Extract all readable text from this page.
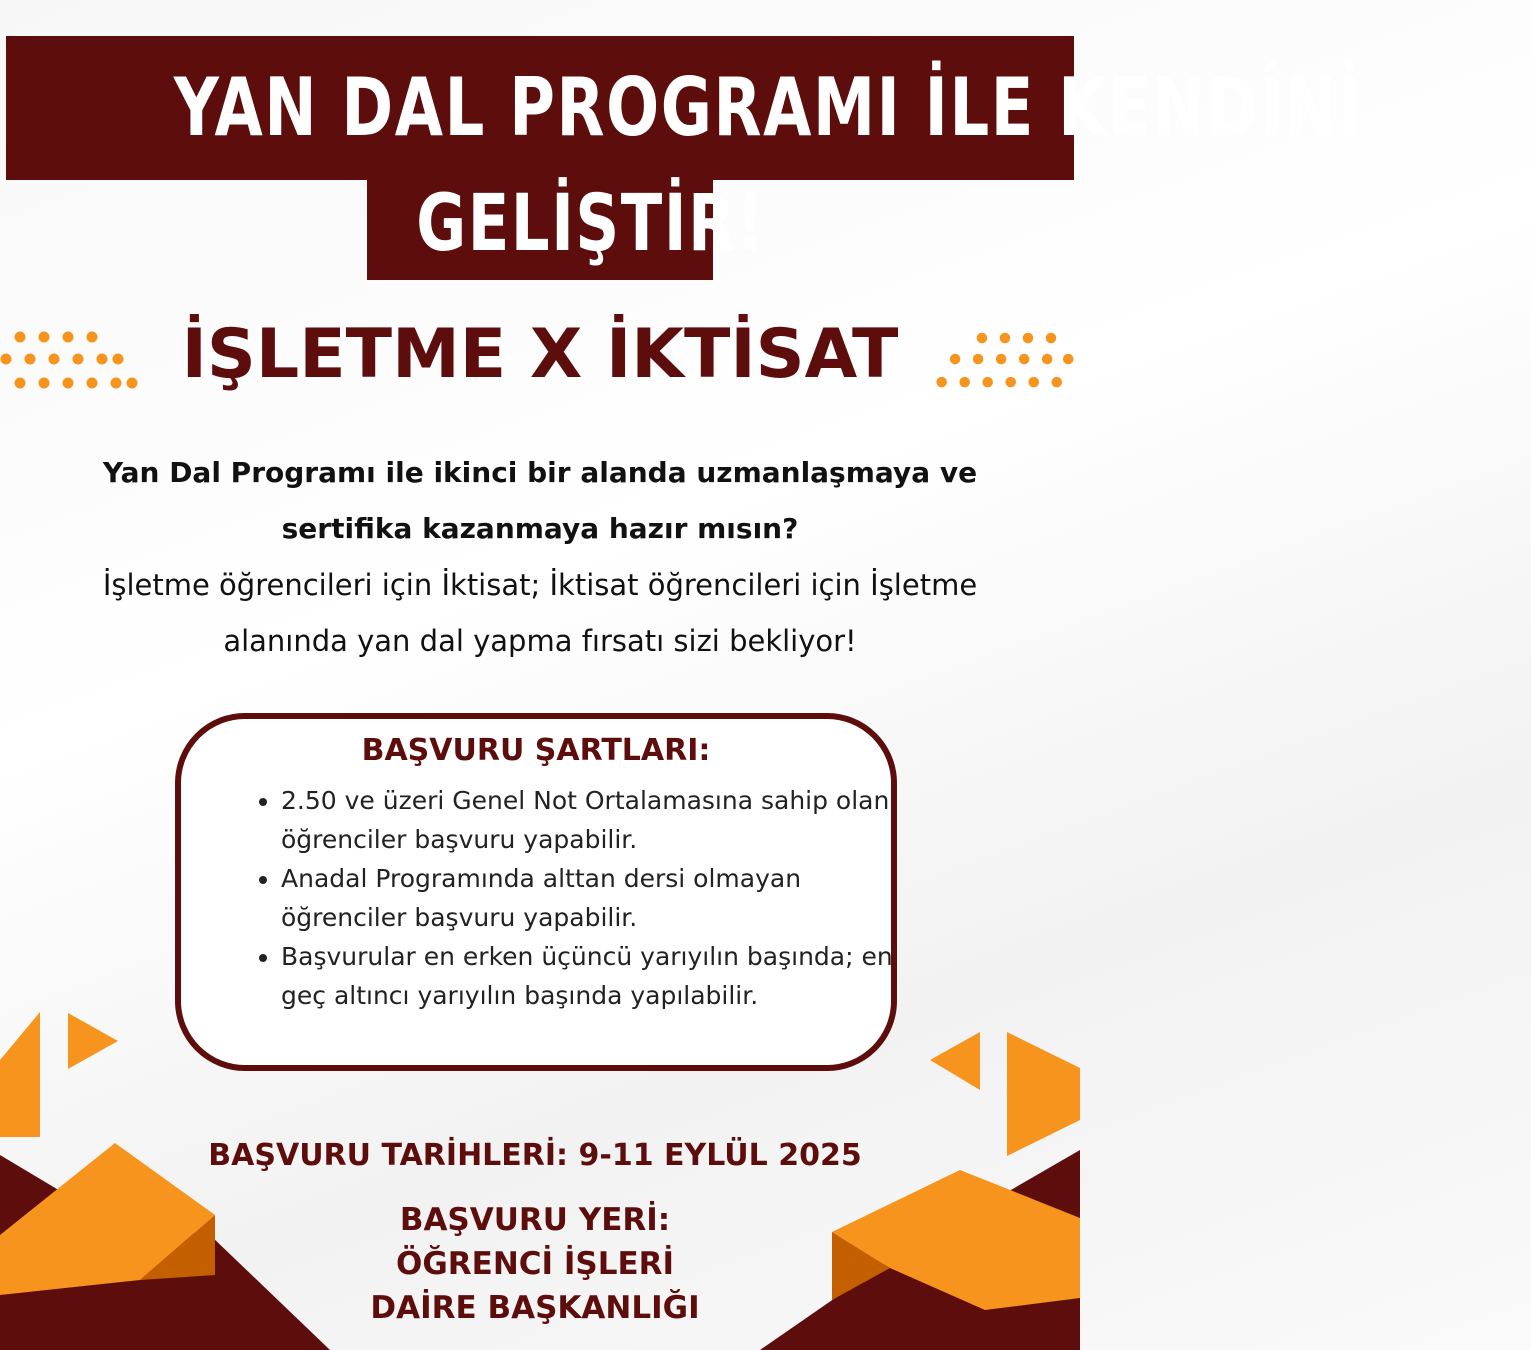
YAN DAL PROGRAMI İLE KENDİNİ
GELİŞTİR!
İŞLETME X İKTİSAT
Yan Dal Programı ile ikinci bir alanda uzmanlaşmaya ve
sertifika kazanmaya hazır mısın?
İşletme öğrencileri için İktisat; İktisat öğrencileri için İşletme
alanında yan dal yapma fırsatı sizi bekliyor!
BAŞVURU ŞARTLARI:
• 2.50 ve üzeri Genel Not Ortalamasına sahip olan öğrenciler başvuru yapabilir.
• Anadal Programında alttan dersi olmayan öğrenciler başvuru yapabilir.
• Başvurular en erken üçüncü yarıyılın başında; en geç altıncı yarıyılın başında yapılabilir.
BAŞVURU TARİHLERİ: 9-11 EYLÜL 2025
BAŞVURU YERİ:
ÖĞRENCİ İŞLERİ
DAİRE BAŞKANLIĞI
